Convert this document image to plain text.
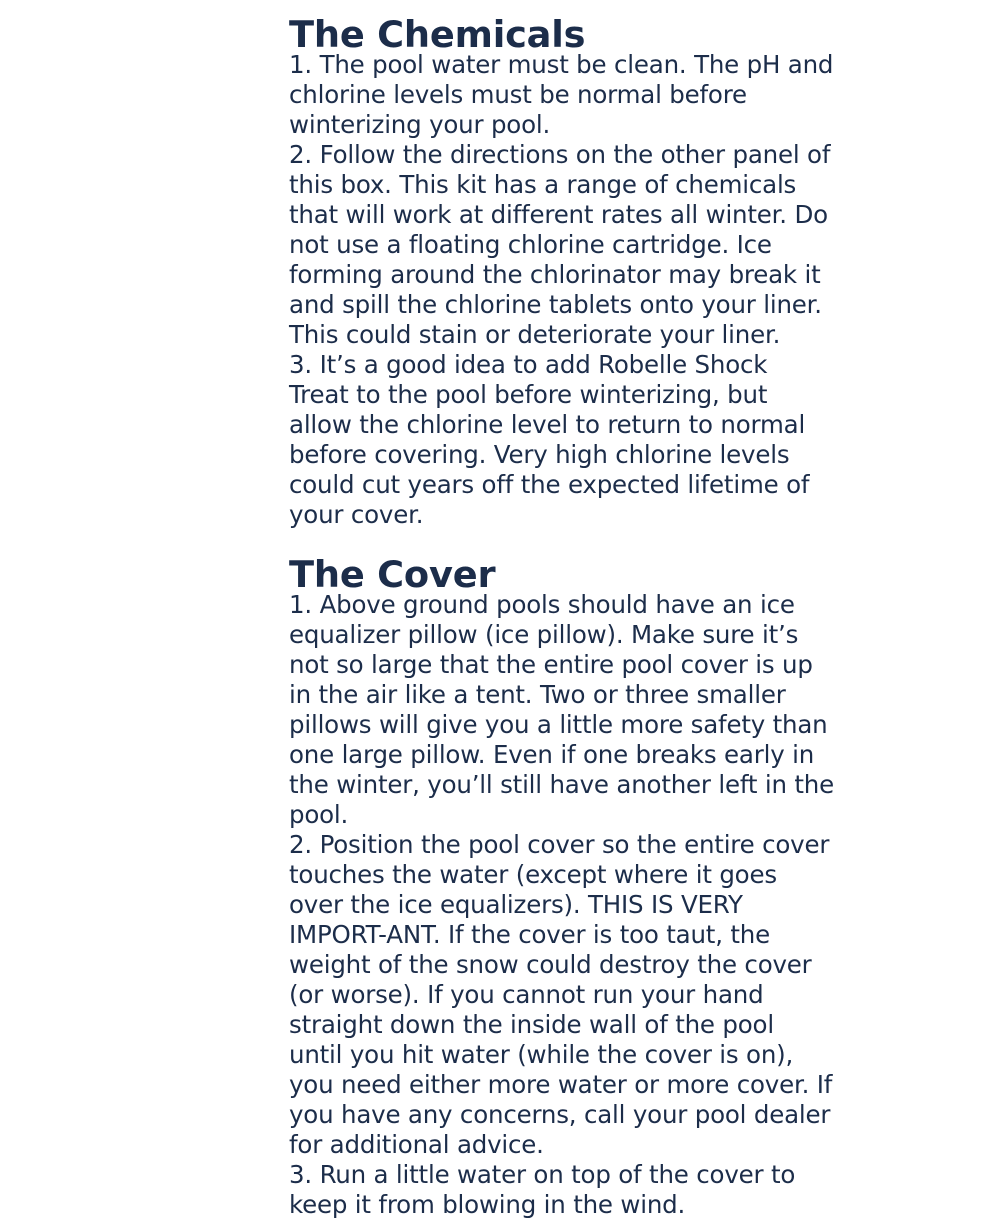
The Chemicals

1. The pool water must be clean. The pH and chlorine levels must be normal before winterizing your pool.

2. Follow the directions on the other panel of this box. This kit has a range of chemicals that will work at different rates all winter. Do not use a floating chlorine cartridge. Ice forming around the chlorinator may break it and spill the chlorine tablets onto your liner. This could stain or deteriorate your liner.

3. It’s a good idea to add Robelle Shock Treat to the pool before winterizing, but allow the chlorine level to return to normal before covering. Very high chlorine levels could cut years off the expected lifetime of your cover.

The Cover

1. Above ground pools should have an ice equalizer pillow (ice pillow). Make sure it’s not so large that the entire pool cover is up in the air like a tent. Two or three smaller pillows will give you a little more safety than one large pillow. Even if one breaks early in the winter, you’ll still have another left in the pool.

2. Position the pool cover so the entire cover touches the water (except where it goes over the ice equalizers). THIS IS VERY IMPORT-ANT. If the cover is too taut, the weight of the snow could destroy the cover (or worse). If you cannot run your hand straight down the inside wall of the pool until you hit water (while the cover is on), you need either more water or more cover. If you have any concerns, call your pool dealer for additional advice.

3. Run a little water on top of the cover to keep it from blowing in the wind.
